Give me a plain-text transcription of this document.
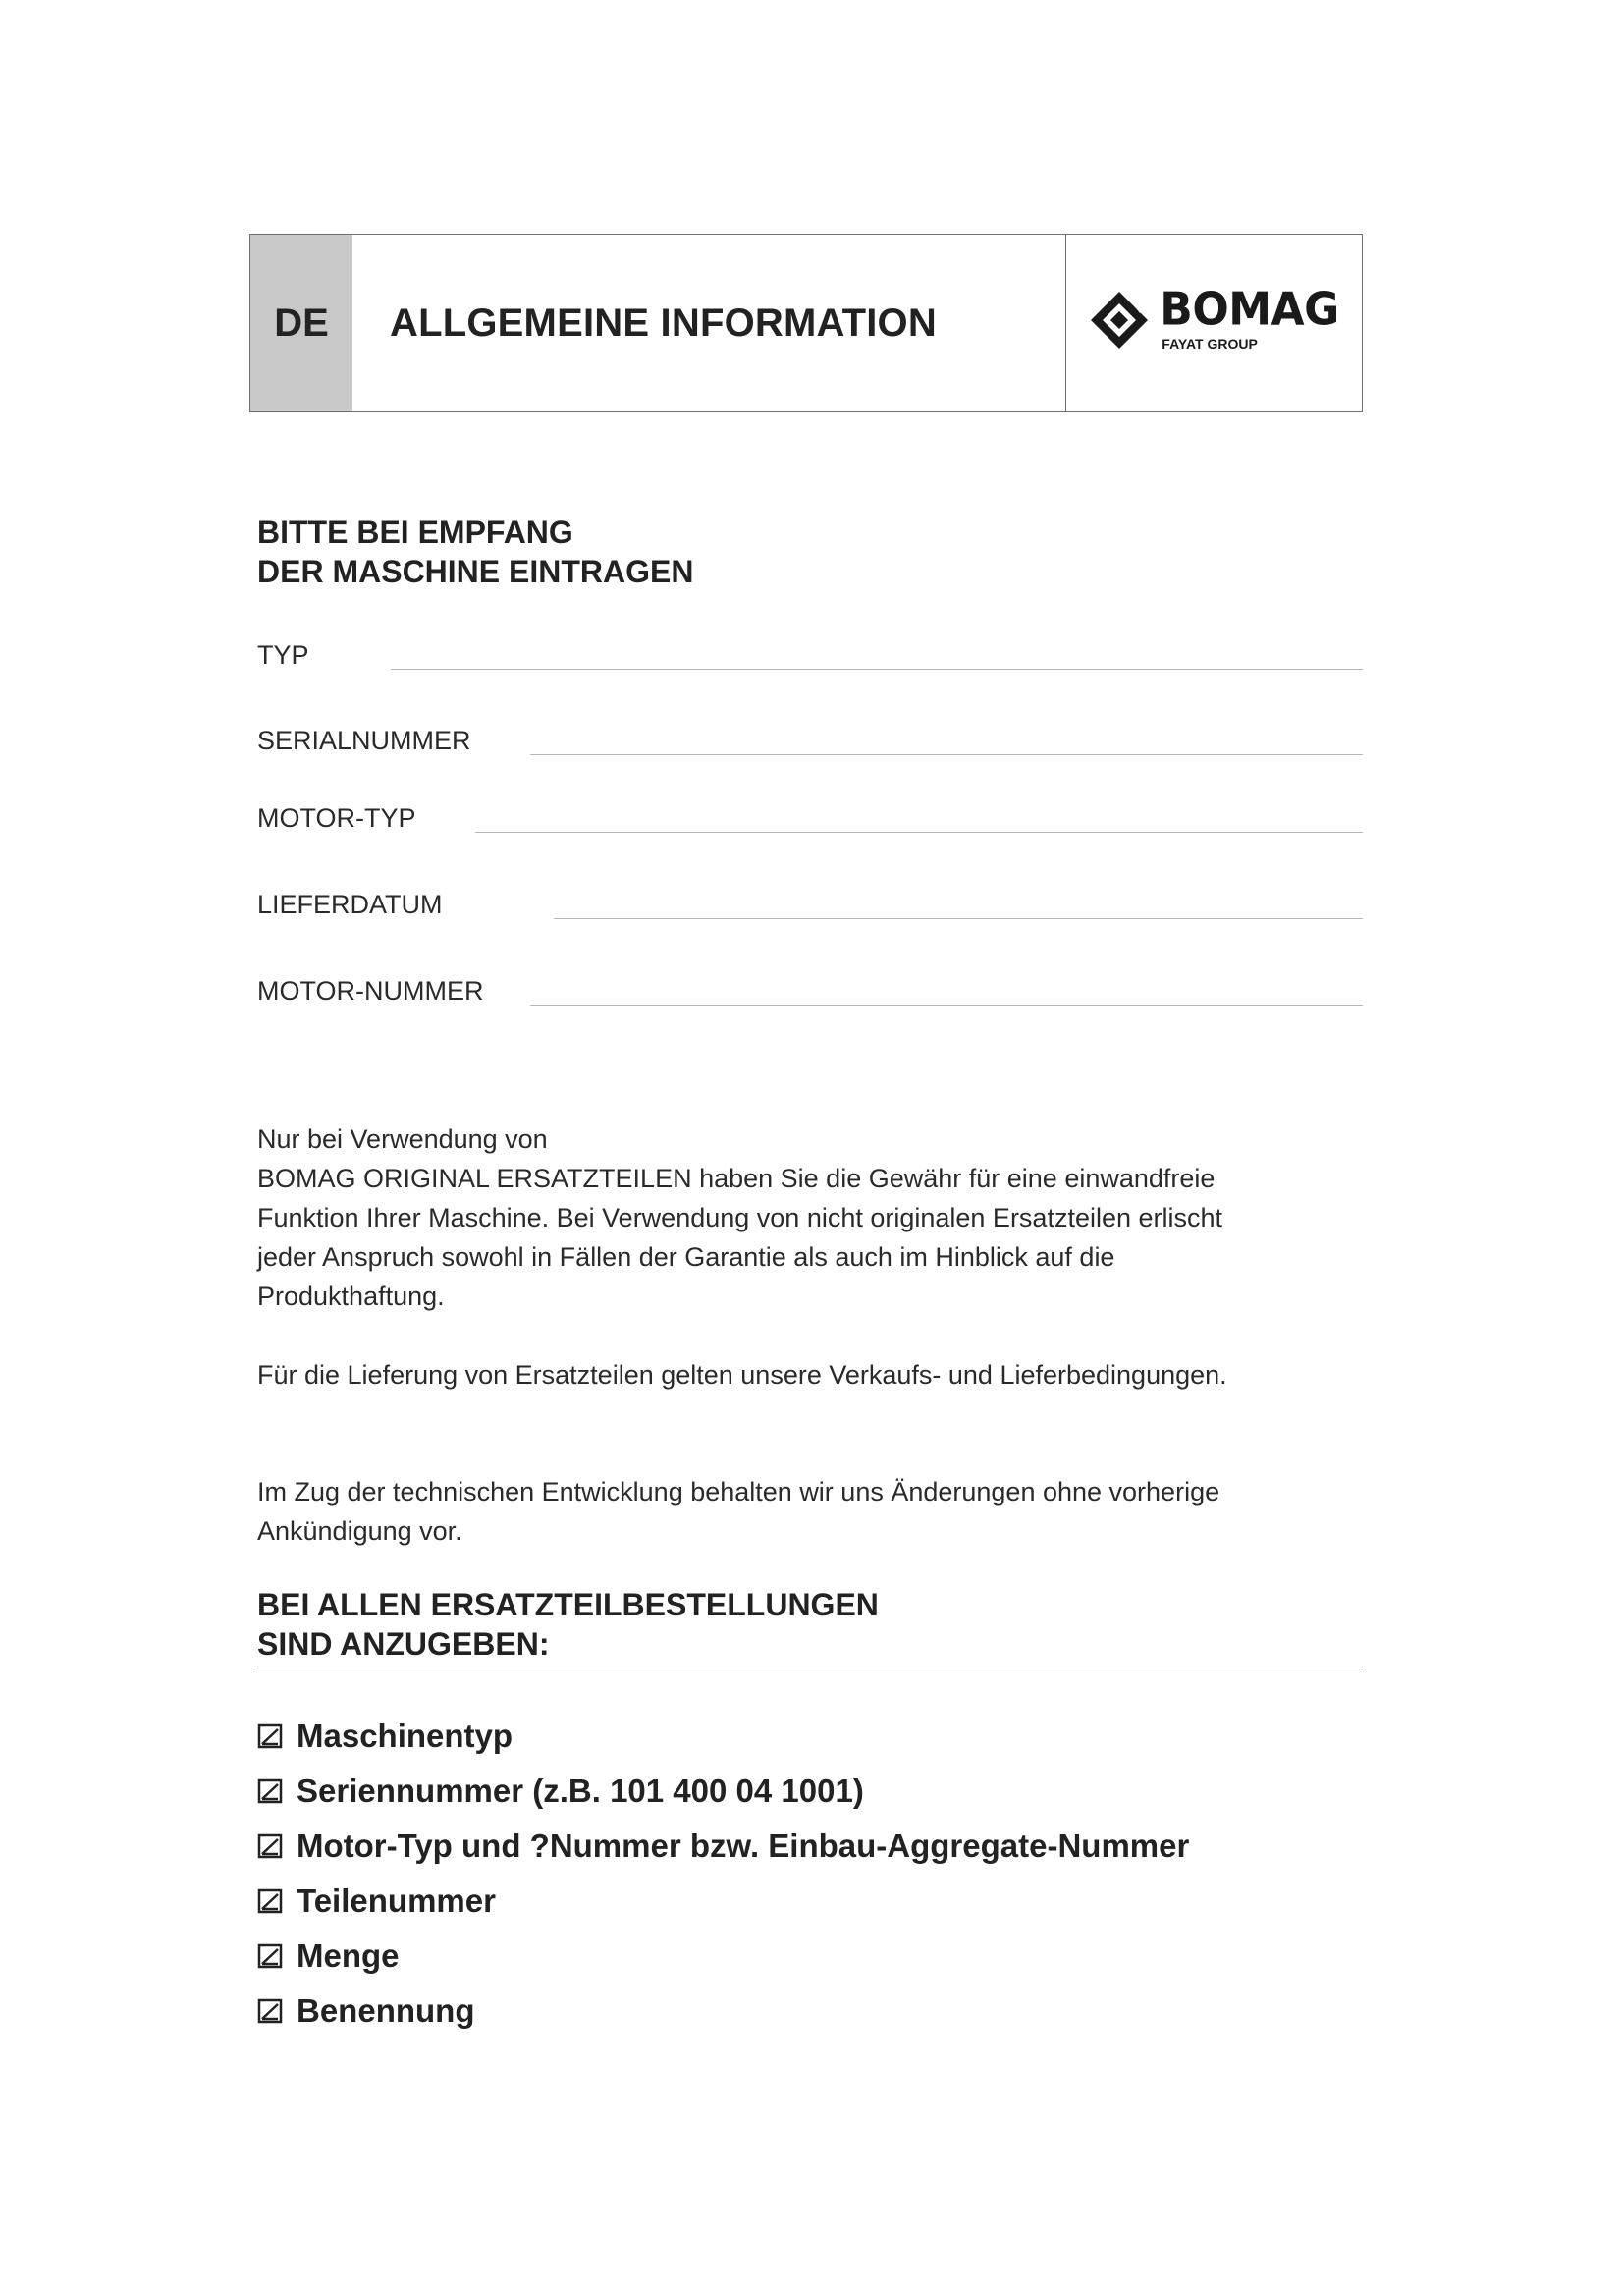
DE	ALLGEMEINE INFORMATION	BOMAG
FAYAT GROUP
BITTE BEI EMPFANG
DER MASCHINE EINTRAGEN
TYP
SERIALNUMMER
MOTOR-TYP
LIEFERDATUM
MOTOR-NUMMER

Nur bei Verwendung von
BOMAG ORIGINAL ERSATZTEILEN haben Sie die Gewähr für eine einwandfreie
Funktion Ihrer Maschine. Bei Verwendung von nicht originalen Ersatzteilen erlischt
jeder Anspruch sowohl in Fällen der Garantie als auch im Hinblick auf die
Produkthaftung.

Für die Lieferung von Ersatzteilen gelten unsere Verkaufs- und Lieferbedingungen.

Im Zug der technischen Entwicklung behalten wir uns Änderungen ohne vorherige
Ankündigung vor.

BEI ALLEN ERSATZTEILBESTELLUNGEN
SIND ANZUGEBEN:
Maschinentyp
Seriennummer (z.B. 101 400 04 1001)
Motor-Typ und ?Nummer bzw. Einbau-Aggregate-Nummer
Teilenummer
Menge
Benennung
